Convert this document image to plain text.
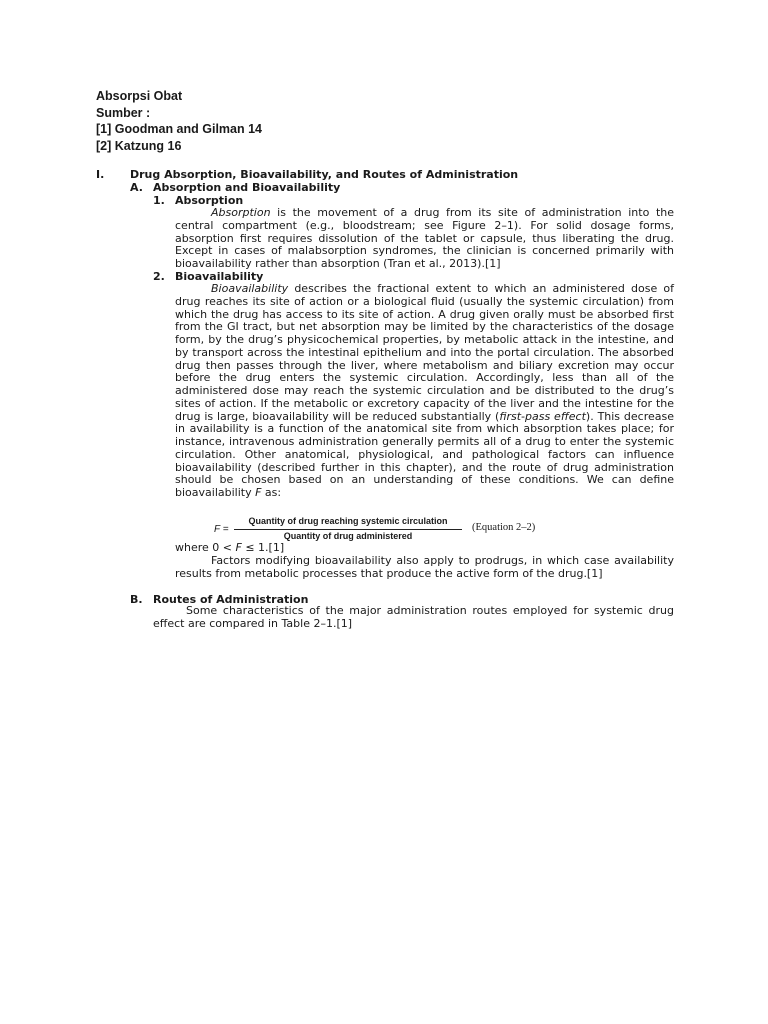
Absorpsi Obat
Sumber :
[1] Goodman and Gilman 14
[2] Katzung 16
I. Drug Absorption, Bioavailability, and Routes of Administration
A. Absorption and Bioavailability
1. Absorption
Absorption is the movement of a drug from its site of administration into the central compartment (e.g., bloodstream; see Figure 2–1). For solid dosage forms, absorption first requires dissolution of the tablet or capsule, thus liberating the drug. Except in cases of malabsorption syndromes, the clinician is concerned primarily with bioavailability rather than absorption (Tran et al., 2013).[1]
2. Bioavailability
Bioavailability describes the fractional extent to which an administered dose of drug reaches its site of action or a biological fluid (usually the systemic circulation) from which the drug has access to its site of action. A drug given orally must be absorbed first from the GI tract, but net absorption may be limited by the characteristics of the dosage form, by the drug’s physicochemical properties, by metabolic attack in the intestine, and by transport across the intestinal epithelium and into the portal circulation. The absorbed drug then passes through the liver, where metabolism and biliary excretion may occur before the drug enters the systemic circulation. Accordingly, less than all of the administered dose may reach the systemic circulation and be distributed to the drug’s sites of action. If the metabolic or excretory capacity of the liver and the intestine for the drug is large, bioavailability will be reduced substantially (first-pass effect). This decrease in availability is a function of the anatomical site from which absorption takes place; for instance, intravenous administration generally permits all of a drug to enter the systemic circulation. Other anatomical, physiological, and pathological factors can influence bioavailability (described further in this chapter), and the route of drug administration should be chosen based on an understanding of these conditions. We can define bioavailability F as:
F =
Quantity of drug reaching systemic circulation
Quantity of drug administered
(Equation 2–2)
where 0 < F ≤ 1.[1]
Factors modifying bioavailability also apply to prodrugs, in which case availability results from metabolic processes that produce the active form of the drug.[1]
B. Routes of Administration
Some characteristics of the major administration routes employed for systemic drug effect are compared in Table 2–1.[1]
